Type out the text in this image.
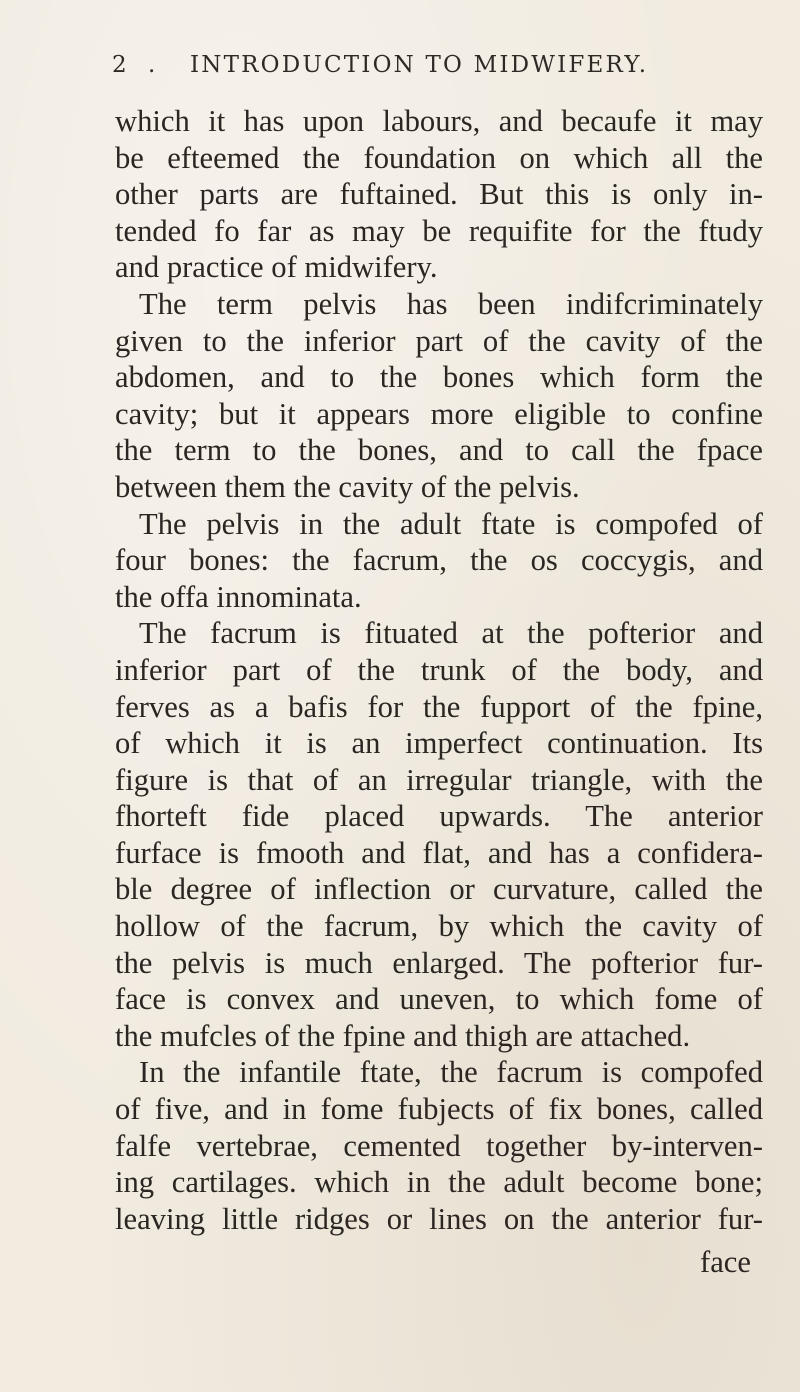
2 . INTRODUCTION TO MIDWIFERY.
which it has upon labours, and becaufe it may
be efteemed the foundation on which all the
other parts are fuftained. But this is only in-
tended fo far as may be requifite for the ftudy
and practice of midwifery.
The term pelvis has been indifcriminately
given to the inferior part of the cavity of the
abdomen, and to the bones which form the
cavity; but it appears more eligible to confine
the term to the bones, and to call the fpace
between them the cavity of the pelvis.
The pelvis in the adult ftate is compofed of
four bones: the facrum, the os coccygis, and
the offa innominata.
The facrum is fituated at the pofterior and
inferior part of the trunk of the body, and
ferves as a bafis for the fupport of the fpine,
of which it is an imperfect continuation. Its
figure is that of an irregular triangle, with the
fhorteft fide placed upwards. The anterior
furface is fmooth and flat, and has a confidera-
ble degree of inflection or curvature, called the
hollow of the facrum, by which the cavity of
the pelvis is much enlarged. The pofterior fur-
face is convex and uneven, to which fome of
the mufcles of the fpine and thigh are attached.
In the infantile ftate, the facrum is compofed
of five, and in fome fubjects of fix bones, called
falfe vertebrae, cemented together by-interven-
ing cartilages. which in the adult become bone;
leaving little ridges or lines on the anterior fur-
face
